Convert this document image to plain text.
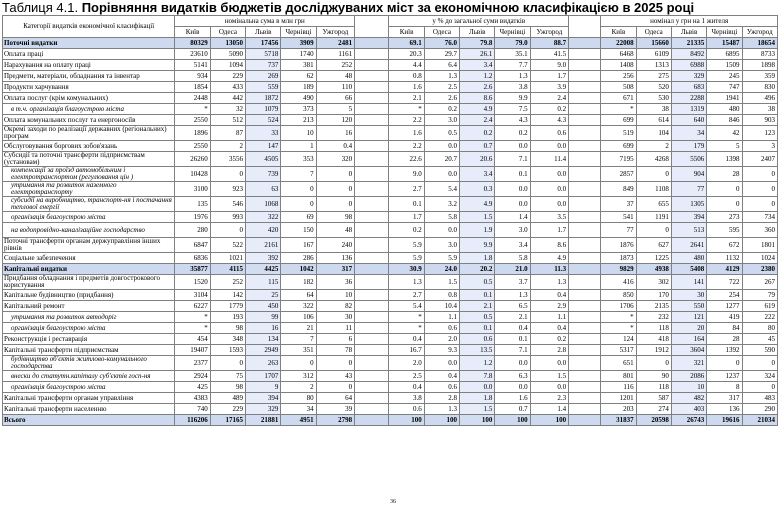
Таблиця 4.1. Порівняння видатків бюджетів досліджуваних міст за економічною класифікацією в 2025 році
Категорії видатків економічної класифікації	номінальна сума в млн грн						у % до загальної суми видатків						номінал у грн на 1 жителя				
	Київ	Одеса	Львів	Чернівці	Ужгород		Київ	Одеса	Львів	Чернівці	Ужгород		Київ	Одеса	Львів	Чернівці	Ужгород
Поточні видатки	80329	13050	17456	3909	2481		69.1	76.0	79.8	79.0	88.7		22008	15660	21335	15487	18654
Оплата праці	23610	5090	5718	1740	1161		20.3	29.7	26.1	35.1	41.5		6468	6109	8492	6895	8733
Нарахування на оплату праці	5141	1094	737	381	252		4.4	6.4	3.4	7.7	9.0		1408	1313	6988	1509	1898
Предмети, матеріали, обладнання та інвентар	934	229	269	62	48		0.8	1.3	1.2	1.3	1.7		256	275	329	245	359
Продукти харчування	1854	433	559	189	110		1.6	2.5	2.6	3.8	3.9		508	520	683	747	830
Оплата послуг (крім комунальних)	2448	442	1872	490	66		2.1	2.6	8.6	9.9	2.4		671	530	2288	1941	496
в т.ч. організація благоустрою міста	*	32	1079	373	5		*	0.2	4.9	7.5	0.2		*	38	1319	480	38
Оплата комунальних послуг та енергоносіїв	2550	512	524	213	120		2.2	3.0	2.4	4.3	4.3		699	614	640	846	903
Окремі заходи по реалізації державних (регіональних) програм	1896	87	33	10	16		1.6	0.5	0.2	0.2	0.6		519	104	34	42	123
Обслуговування боргових зобов'язань	2550	2	147	1	0.4		2.2	0.0	0.7	0.0	0.0		699	2	179	5	3
Субсидії та поточні трансферти підприємствам (установам)	26260	3556	4505	353	320		22.6	20.7	20.6	7.1	11.4		7195	4268	5506	1398	2407
компенсації за проїзд автомобільним і електротранспортом (регулювання цін )	10428	0	739	7	0		9.0	0.0	3.4	0.1	0.0		2857	0	904	28	0
утримання та розвиток наземного електротранспорту	3100	923	63	0	0		2.7	5.4	0.3	0.0	0.0		849	1108	77	0	0
субсидії на виробництво, транспорт-ня і постачання теплової енергії	135	546	1068	0	0		0.1	3.2	4.9	0.0	0.0		37	655	1305	0	0
організація благоустрою міста	1976	993	322	69	98		1.7	5.8	1.5	1.4	3.5		541	1191	394	273	734
на водопровідно-каналізаційне господарство	280	0	420	150	48		0.2	0.0	1.9	3.0	1.7		77	0	513	595	360
Поточні трансферти органам держуправління інших рівнів	6847	522	2161	167	240		5.9	3.0	9.9	3.4	8.6		1876	627	2641	672	1801
Соціальне забезпечення	6836	1021	392	286	136		5.9	5.9	1.8	5.8	4.9		1873	1225	480	1132	1024
Капітальні видатки	35877	4115	4425	1042	317		30.9	24.0	20.2	21.0	11.3		9829	4938	5408	4129	2380
Придбання обладнання і предметів довгострокового користування	1520	252	115	182	36		1.3	1.5	0.5	3.7	1.3		416	302	141	722	267
Капітальне будівництво (придбання)	3104	142	25	64	10		2.7	0.8	0.1	1.3	0.4		850	170	30	254	79
Капітальний ремонт	6227	1779	450	322	82		5.4	10.4	2.1	6.5	2.9		1706	2135	550	1277	619
утримання та розвиток автодоріг	*	193	99	106	30		*	1.1	0.5	2.1	1.1		*	232	121	419	222
організація благоустрою міста	*	98	16	21	11		*	0.6	0.1	0.4	0.4		*	118	20	84	80
Реконструкція і реставрація	454	348	134	7	6		0.4	2.0	0.6	0.1	0.2		124	418	164	28	45
Капітальні трансферти підприємствам	19407	1593	2949	351	78		16.7	9.3	13.5	7.1	2.8		5317	1912	3604	1392	590
будівництво об'єктів житлово-комунального господарства	2377	0	263	0	0		2.0	0.0	1.2	0.0	0.0		651	0	321	0	0
внески до статутн.капіталу суб'єктів госп-ня	2924	75	1707	312	43		2.5	0.4	7.8	6.3	1.5		801	90	2086	1237	324
організація благоустрою міста	425	98	9	2	0		0.4	0.6	0.0	0.0	0.0		116	118	10	8	0
Капітальні трансферти органам управління	4383	489	394	80	64		3.8	2.8	1.8	1.6	2.3		1201	587	482	317	483
Капітальні трансферти населенню	740	229	329	34	39		0.6	1.3	1.5	0.7	1.4		203	274	403	136	290
Всього	116206	17165	21881	4951	2798		100	100	100	100	100		31837	20598	26743	19616	21034
36
